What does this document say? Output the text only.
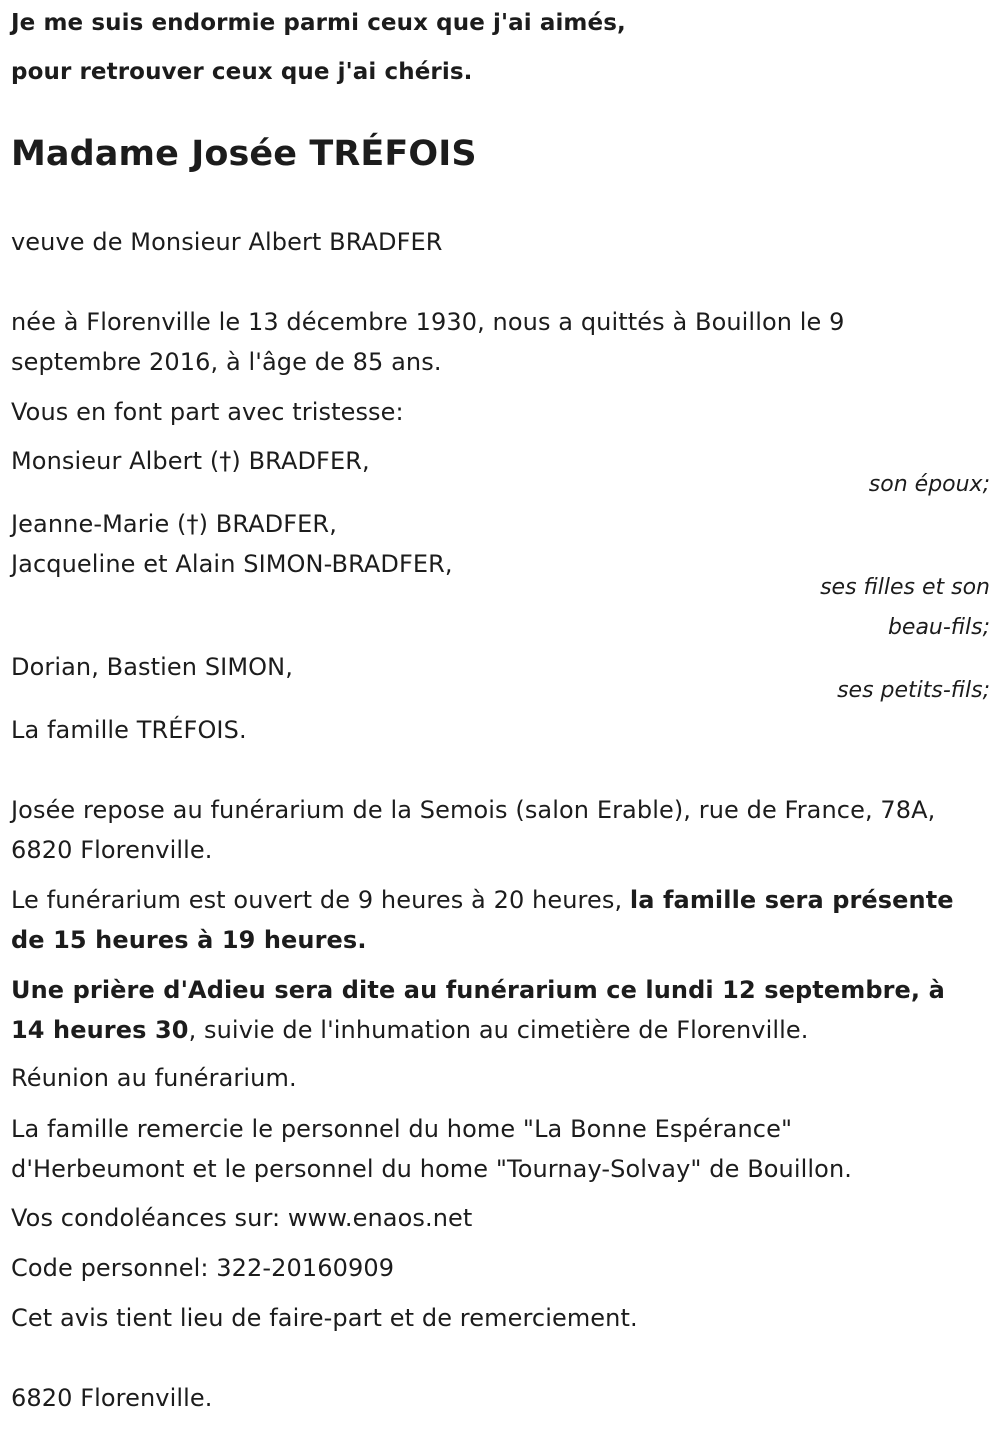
Je me suis endormie parmi ceux que j'ai aimés,

pour retrouver ceux que j'ai chéris.

Madame Josée TRÉFOIS

veuve de Monsieur Albert BRADFER

née à Florenville le 13 décembre 1930, nous a quittés à Bouillon le 9 septembre 2016, à l'âge de 85 ans.

Vous en font part avec tristesse:

Monsieur Albert (†) BRADFER,

son époux;

Jeanne-Marie (†) BRADFER,

Jacqueline et Alain SIMON-BRADFER,

ses filles et son

beau-fils;

Dorian, Bastien SIMON,

ses petits-fils;

La famille TRÉFOIS.

Josée repose au funérarium de la Semois (salon Erable), rue de France, 78A, 6820 Florenville.

Le funérarium est ouvert de 9 heures à 20 heures, la famille sera présente de 15 heures à 19 heures.

Une prière d'Adieu sera dite au funérarium ce lundi 12 septembre, à 14 heures 30, suivie de l'inhumation au cimetière de Florenville.

Réunion au funérarium.

La famille remercie le personnel du home "La Bonne Espérance" d'Herbeumont et le personnel du home "Tournay-Solvay" de Bouillon.

Vos condoléances sur: www.enaos.net

Code personnel: 322-20160909

Cet avis tient lieu de faire-part et de remerciement.

6820 Florenville.
